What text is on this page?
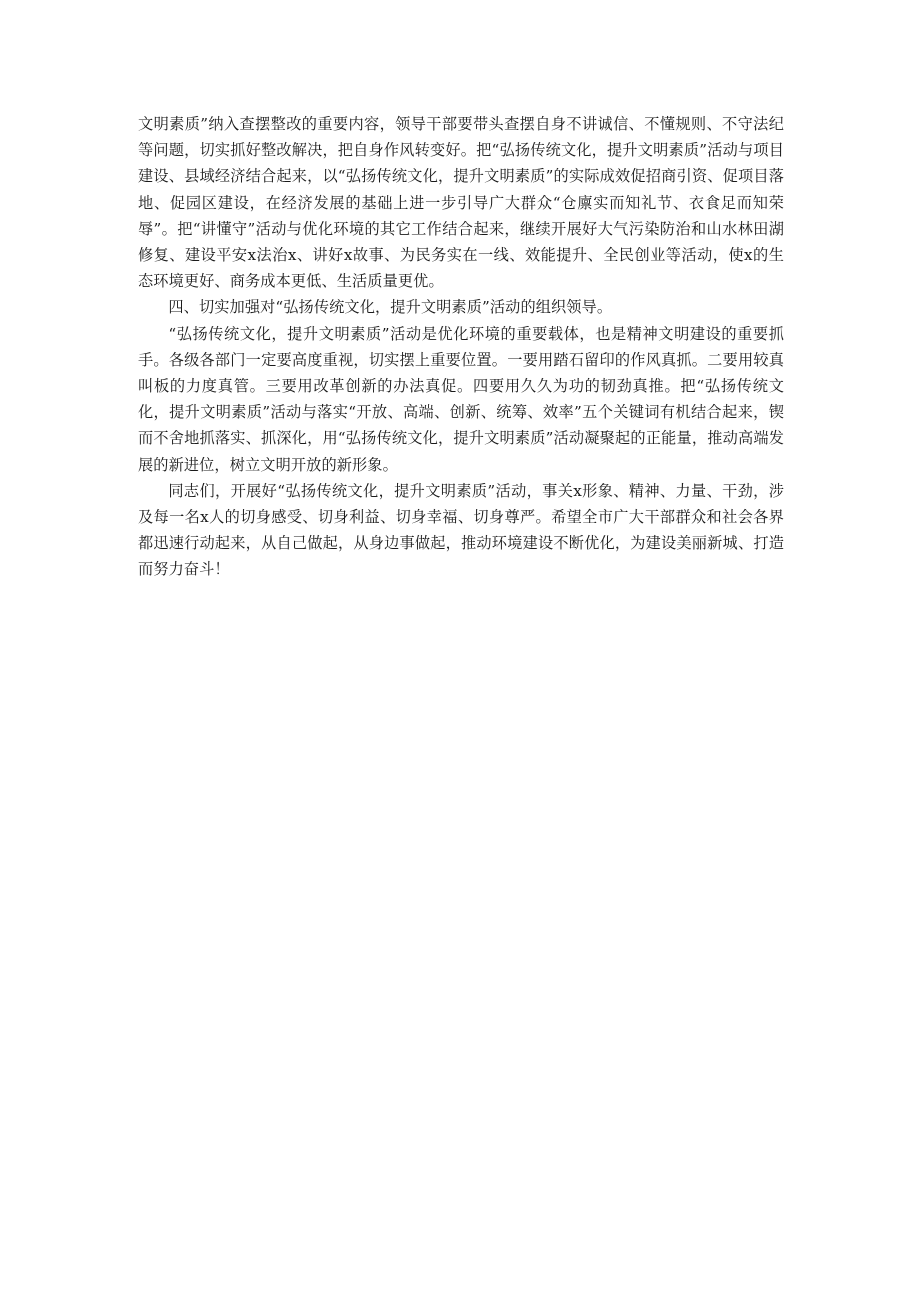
文明素质”纳入查摆整改的重要内容，领导干部要带头查摆自身不讲诚信、不懂规则、不守法纪等问题，切实抓好整改解决，把自身作风转变好。把“弘扬传统文化，提升文明素质”活动与项目建设、县域经济结合起来，以“弘扬传统文化，提升文明素质”的实际成效促招商引资、促项目落地、促园区建设，在经济发展的基础上进一步引导广大群众“仓廪实而知礼节、衣食足而知荣辱”。把“讲懂守”活动与优化环境的其它工作结合起来，继续开展好大气污染防治和山水林田湖修复、建设平安x法治x、讲好x故事、为民务实在一线、效能提升、全民创业等活动，使x的生态环境更好、商务成本更低、生活质量更优。

四、切实加强对“弘扬传统文化，提升文明素质”活动的组织领导。

“弘扬传统文化，提升文明素质”活动是优化环境的重要载体，也是精神文明建设的重要抓手。各级各部门一定要高度重视，切实摆上重要位置。一要用踏石留印的作风真抓。二要用较真叫板的力度真管。三要用改革创新的办法真促。四要用久久为功的韧劲真推。把“弘扬传统文化，提升文明素质”活动与落实“开放、高端、创新、统筹、效率”五个关键词有机结合起来，锲而不舍地抓落实、抓深化，用“弘扬传统文化，提升文明素质”活动凝聚起的正能量，推动高端发展的新进位，树立文明开放的新形象。

同志们，开展好“弘扬传统文化，提升文明素质”活动，事关x形象、精神、力量、干劲，涉及每一名x人的切身感受、切身利益、切身幸福、切身尊严。希望全市广大干部群众和社会各界都迅速行动起来，从自己做起，从身边事做起，推动环境建设不断优化，为建设美丽新城、打造而努力奋斗！
